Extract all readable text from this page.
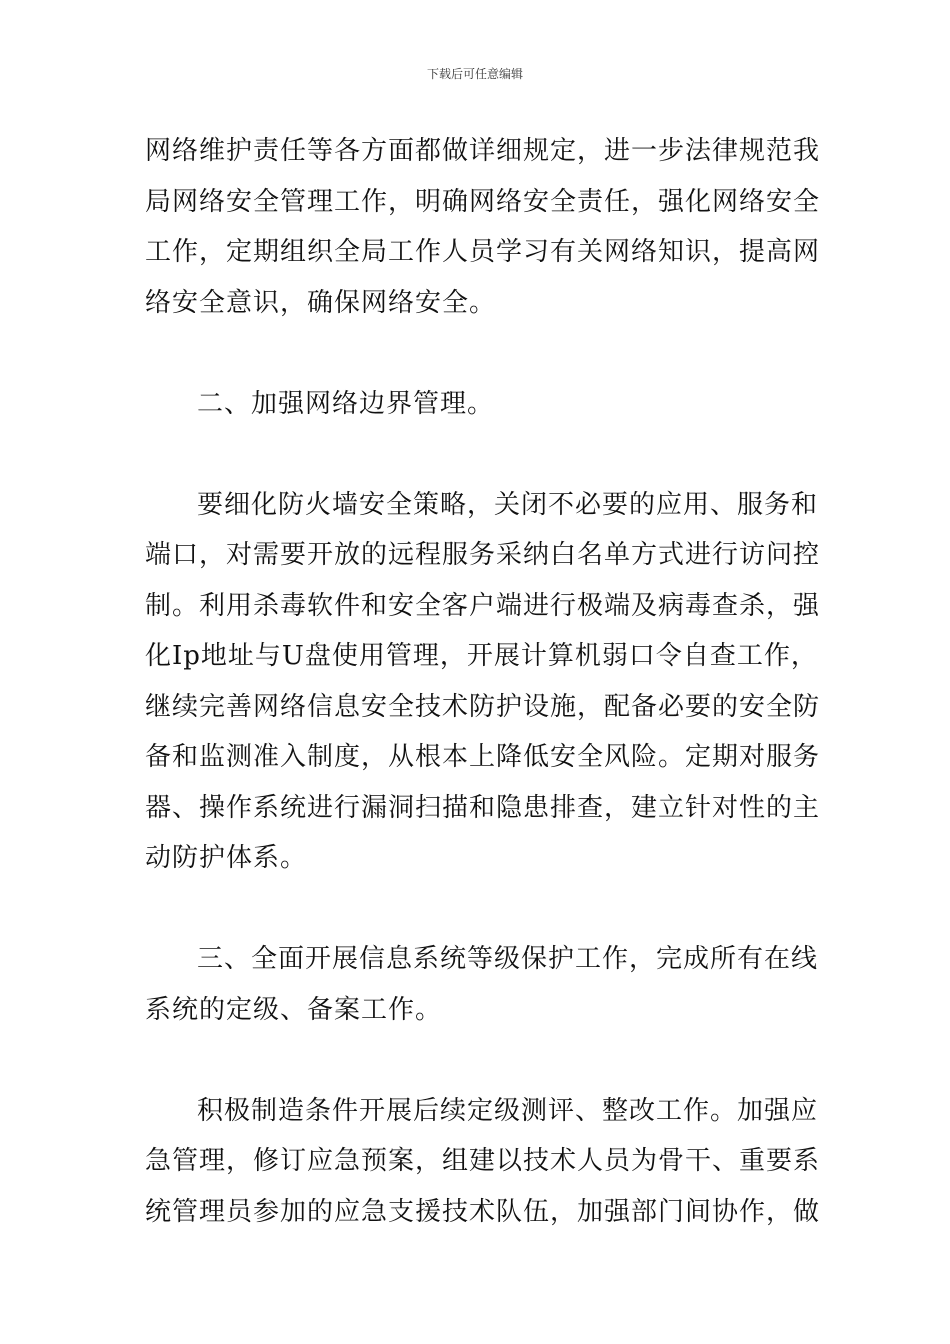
下载后可任意编辑
网络维护责任等各方面都做详细规定，进一步法律规范我
局网络安全管理工作，明确网络安全责任，强化网络安全
工作，定期组织全局工作人员学习有关网络知识，提高网
络安全意识，确保网络安全。
二、加强网络边界管理。
要细化防火墙安全策略，关闭不必要的应用、服务和
端口，对需要开放的远程服务采纳白名单方式进行访问控
制。利用杀毒软件和安全客户端进行极端及病毒查杀，强
化Ip地址与U盘使用管理，开展计算机弱口令自查工作，
继续完善网络信息安全技术防护设施，配备必要的安全防
备和监测准入制度，从根本上降低安全风险。定期对服务
器、操作系统进行漏洞扫描和隐患排查，建立针对性的主
动防护体系。
三、全面开展信息系统等级保护工作，完成所有在线
系统的定级、备案工作。
积极制造条件开展后续定级测评、整改工作。加强应
急管理，修订应急预案，组建以技术人员为骨干、重要系
统管理员参加的应急支援技术队伍，加强部门间协作，做
